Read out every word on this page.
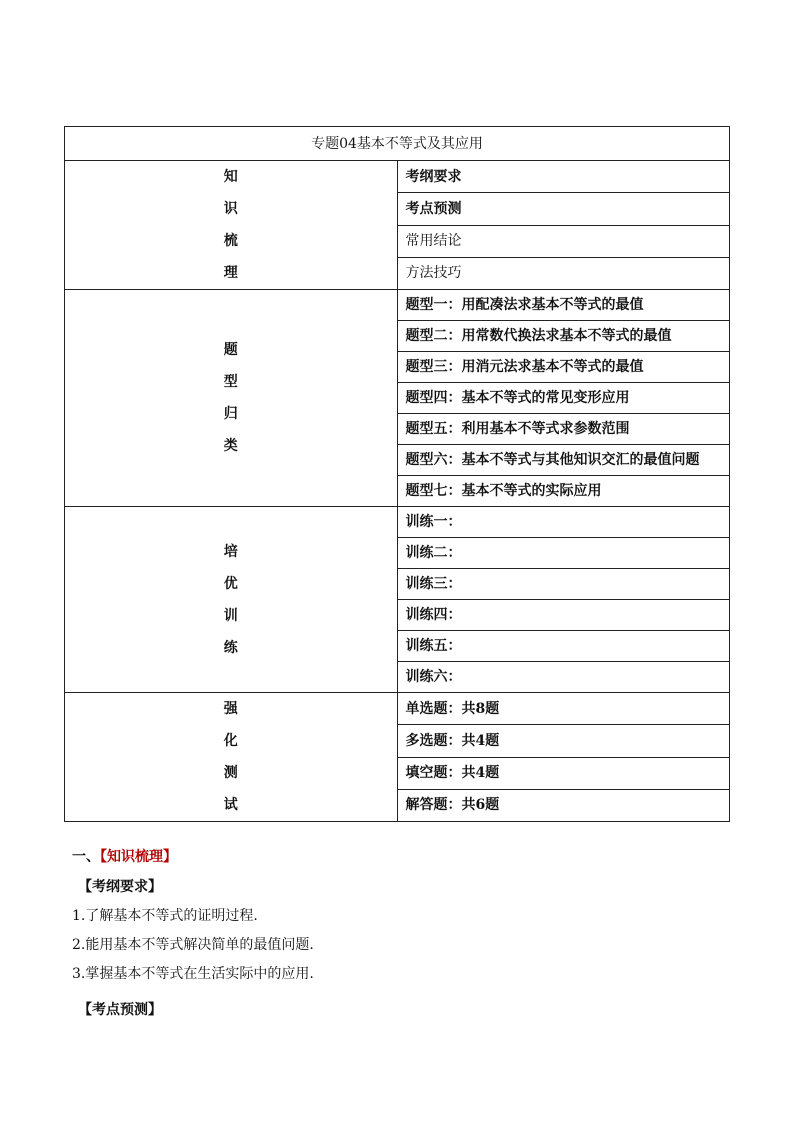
专题04基本不等式及其应用	

知
识
梳
理	考纲要求
	考点预测
	常用结论
	方法技巧

题
型
归
类	题型一：用配凑法求基本不等式的最值
	题型二：用常数代换法求基本不等式的最值
	题型三：用消元法求基本不等式的最值
	题型四：基本不等式的常见变形应用
	题型五：利用基本不等式求参数范围
	题型六：基本不等式与其他知识交汇的最值问题
	题型七：基本不等式的实际应用

培
优
训
练	训练一：
	训练二：
	训练三：
	训练四：
	训练五：
	训练六：

强
化
测
试	单选题：共8题
	多选题：共4题
	填空题：共4题
	解答题：共6题
一、【知识梳理】
【考纲要求】
1.了解基本不等式的证明过程.
2.能用基本不等式解决简单的最值问题.
3.掌握基本不等式在生活实际中的应用.
【考点预测】
